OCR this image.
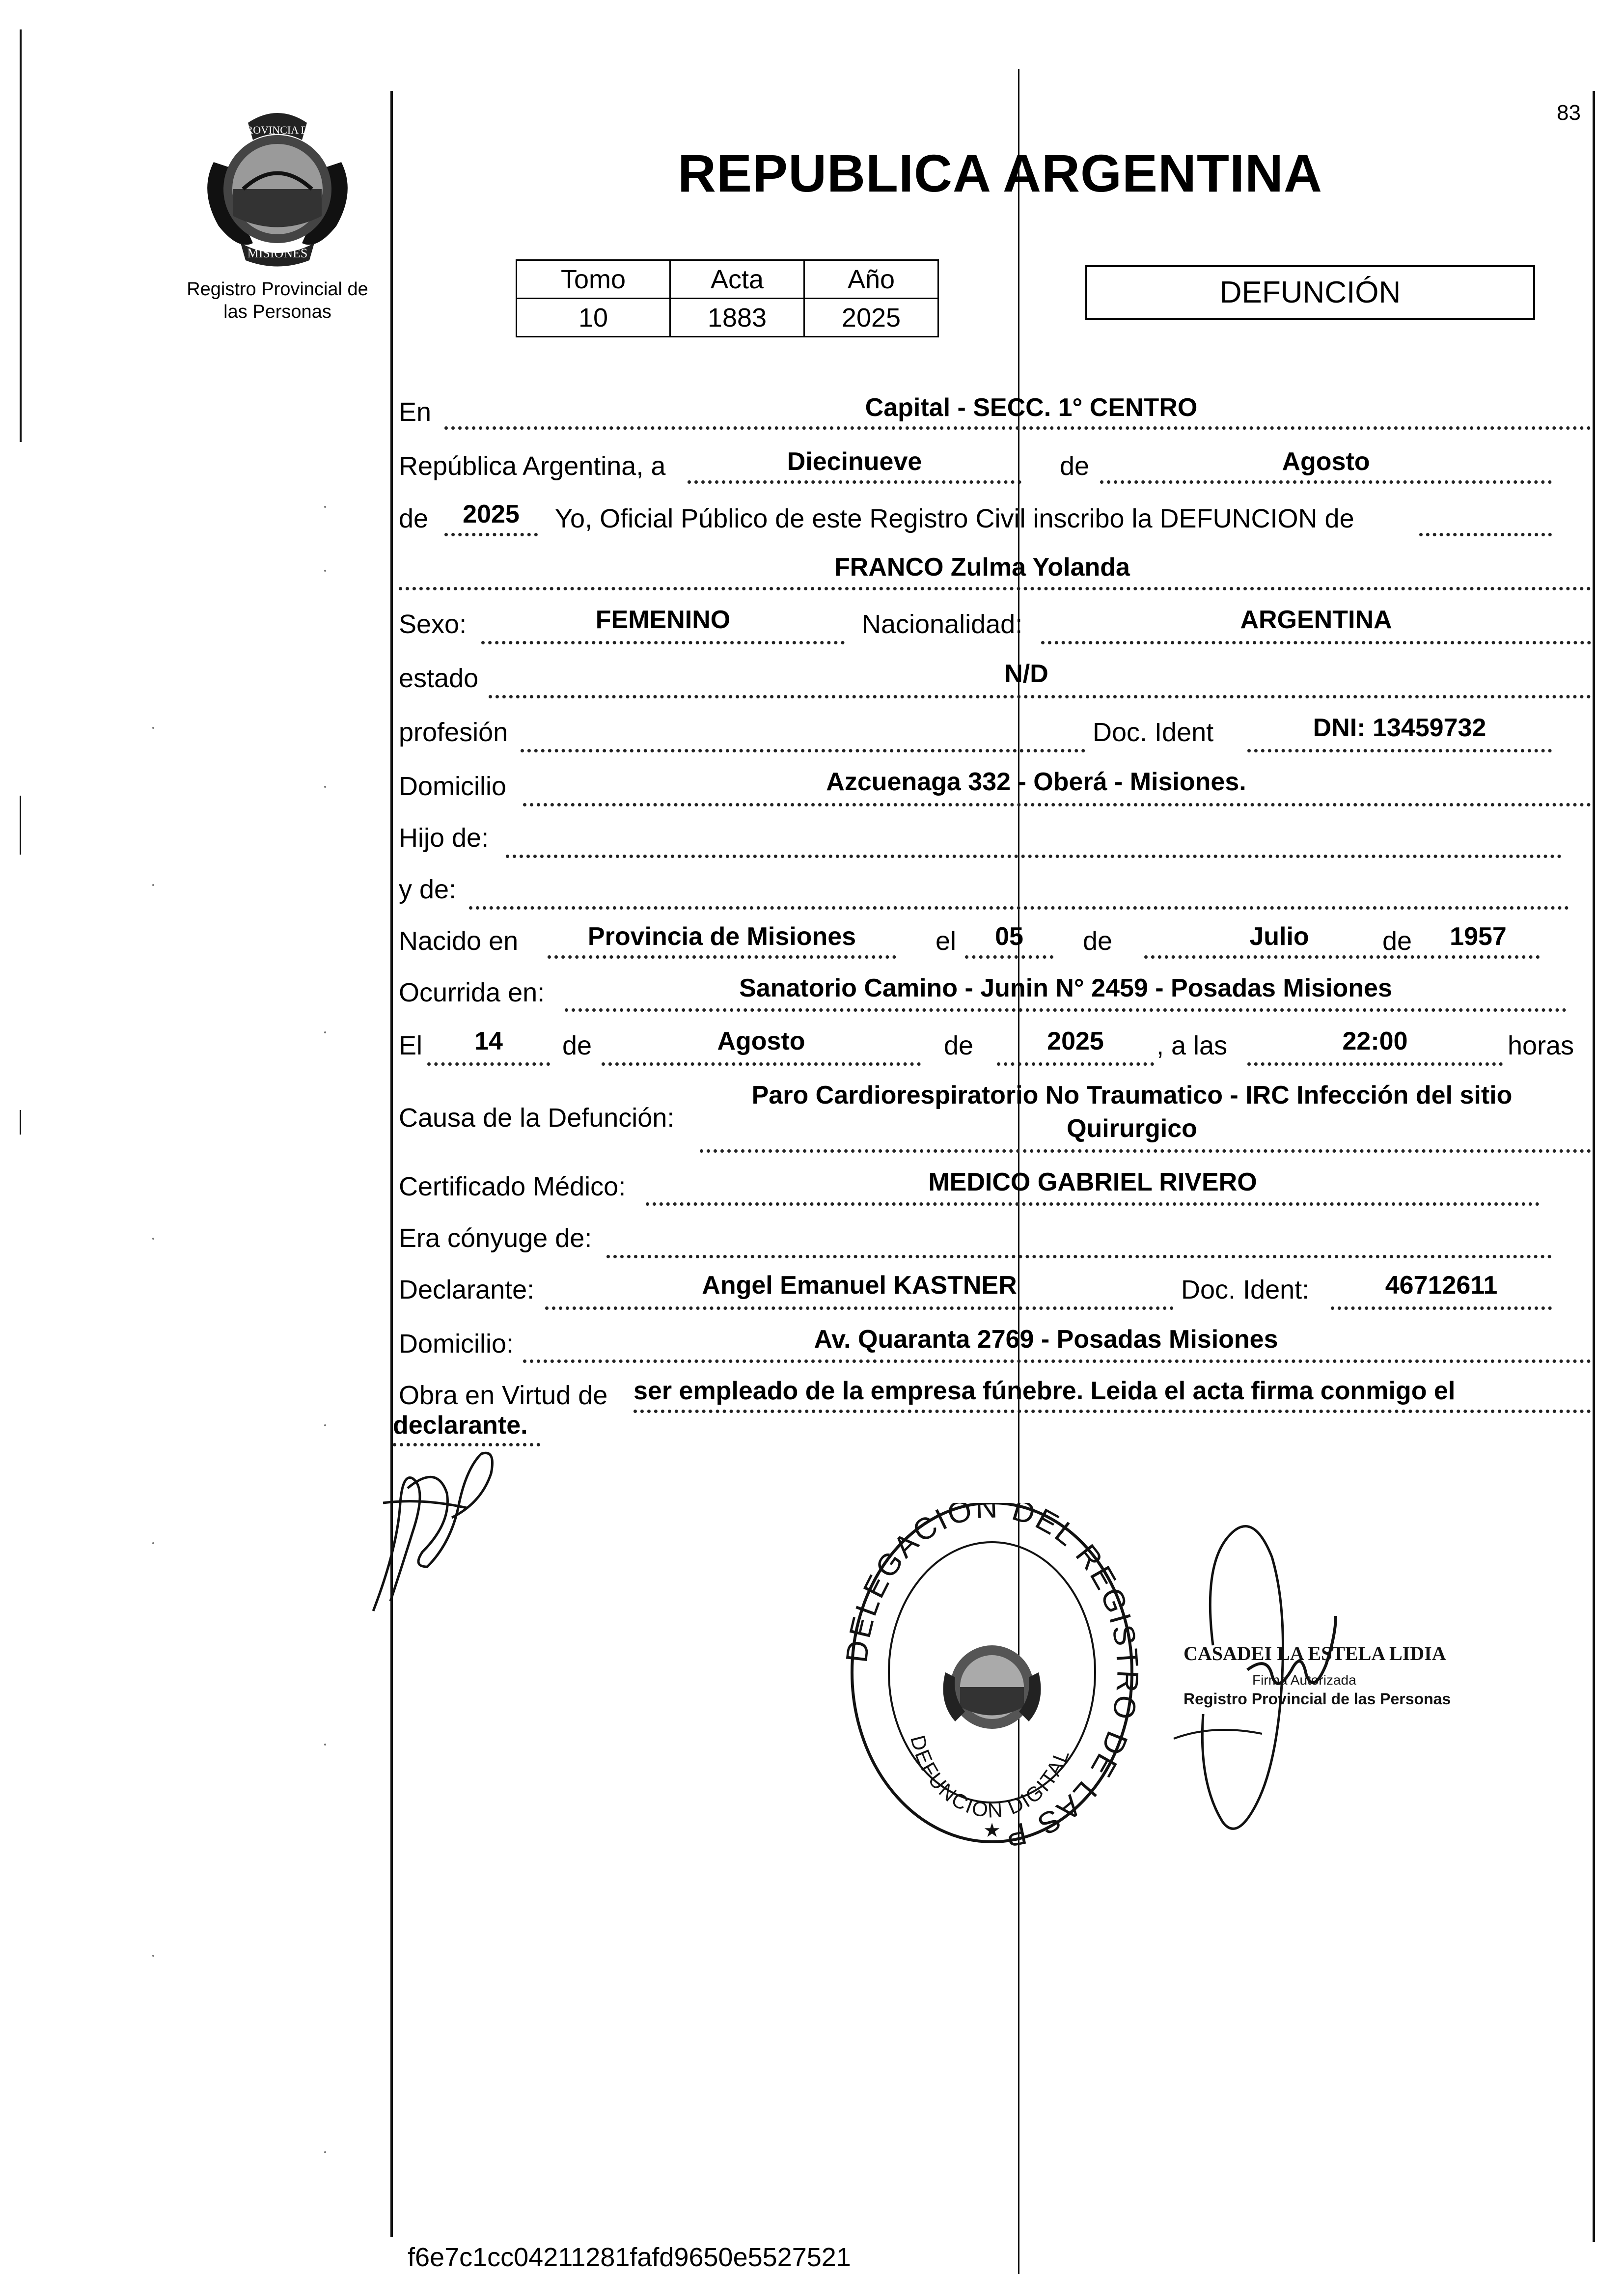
PROVINCIA DE
MISIONES
Registro Provincial de
las Personas
83
REPUBLICA ARGENTINA
Tomo	Acta	Año
10	1883	2025
DEFUNCIÓN
En	Capital - SECC. 1° CENTRO
República Argentina, a	Diecinueve	de	Agosto
de	2025	Yo, Oficial Público de este Registro Civil inscribo la DEFUNCION de
FRANCO Zulma Yolanda
Sexo:	FEMENINO	Nacionalidad:	ARGENTINA
estado	N/D
profesión	Doc. Ident	DNI: 13459732
Domicilio	Azcuenaga 332 - Oberá - Misiones.
Hijo de:
y de:
Nacido en	Provincia de Misiones	el	05	de	Julio	de	1957
Ocurrida en:	Sanatorio Camino - Junin N° 2459 - Posadas Misiones
El	14	de	Agosto	de	2025	, a las	22:00	horas
Causa de la Defunción:
Paro Cardiorespiratorio No Traumatico - IRC Infección del sitio
Quirurgico
Certificado Médico:	MEDICO GABRIEL RIVERO
Era cónyuge de:
Declarante:	Angel Emanuel KASTNER	Doc. Ident:	46712611
Domicilio:	Av. Quaranta 2769 - Posadas Misiones
Obra en Virtud de ser empleado de la empresa fúnebre. Leida el acta firma conmigo el
declarante.
ELEGACIÓN DEL REGIS O DE LAS P
DEFUNCION DIGITAL
★
CASADEI LA ESTELA LIDIA
Firma Autorizada
Registro Provincial de las Personas
f6e7c1cc04211281fafd9650e5527521
